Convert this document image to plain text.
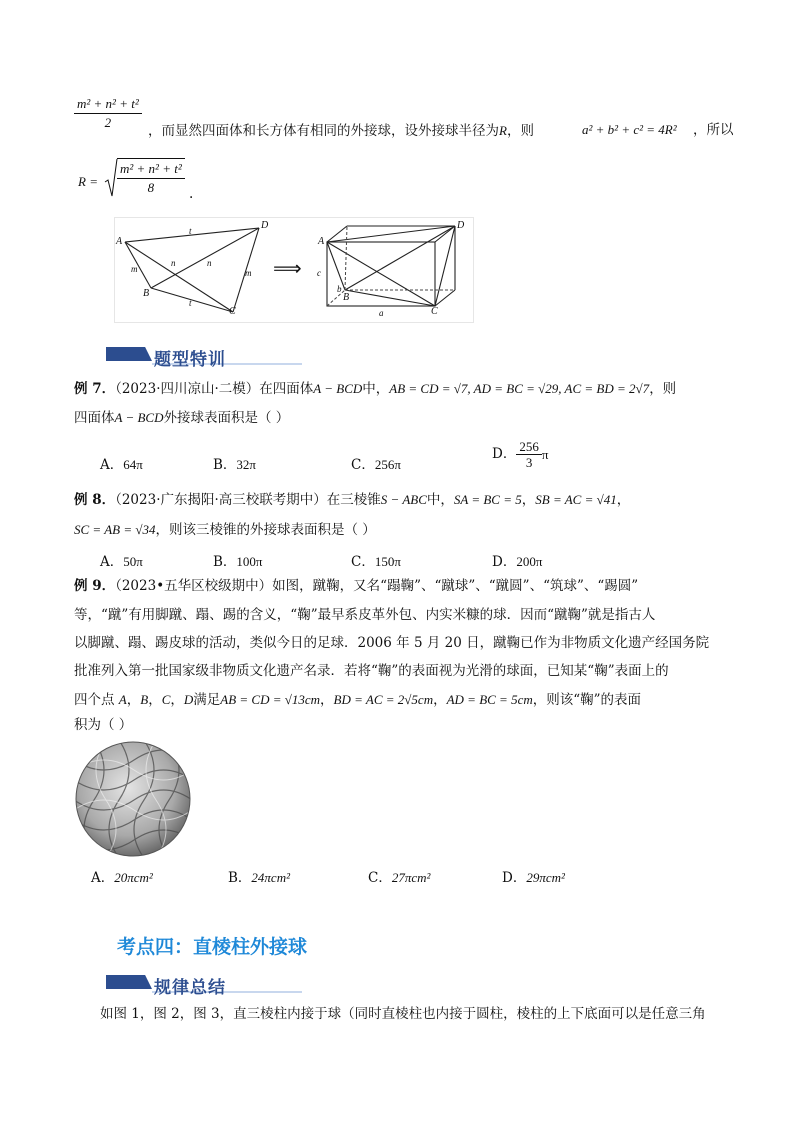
$\frac{\text{m² + n² + t²}}{2}$ ，而显然四面体和长方体有相同的外接球，设外接球半径为R，则	a² + b² + c² = 4R² ，所以
$R = \frac{\text{m² + n² + t²}}{8}$ .
A
D
B
C
t
m
n	n
m
t
⟹
A
D
B
C
c
b
a
题型特训
例 7．（2023·四川凉山·二模）在四面体A − BCD中，AB = CD = √7, AD = BC = √29, AC = BD = 2√7，则
四面体A − BCD外接球表面积是（ ）
A．64π	B．32π	C．256π
D． $\frac{256}{3}$ π
例 8．（2023·广东揭阳·高三校联考期中）在三棱锥S − ABC中，SA = BC = 5，SB = AC = √41，
SC = AB = √34，则该三棱锥的外接球表面积是（ ）
A．50π	B．100π	C．150π	D．200π
例 9．（2023•五华区校级期中）如图，蹴鞠，又名“蹋鞠”、“蹴球”、“蹴圆”、“筑球”、“踢圆”
等，“蹴”有用脚蹴、蹋、踢的含义，“鞠”最早系皮革外包、内实米糠的球．因而“蹴鞠”就是指古人
以脚蹴、蹋、踢皮球的活动，类似今日的足球．2006 年 5 月 20 日，蹴鞠已作为非物质文化遗产经国务院
批准列入第一批国家级非物质文化遗产名录．若将“鞠”的表面视为光滑的球面，已知某“鞠”表面上的
四个点 A，B，C，D满足AB = CD = √13cm，BD = AC = 2√5cm，AD = BC = 5cm，则该“鞠”的表面
积为（ ）
A．20πcm²	B．24πcm²	C．27πcm²	D．29πcm²
考点四：直棱柱外接球
规律总结
如图 1，图 2，图 3，直三棱柱内接于球（同时直棱柱也内接于圆柱，棱柱的上下底面可以是任意三角
